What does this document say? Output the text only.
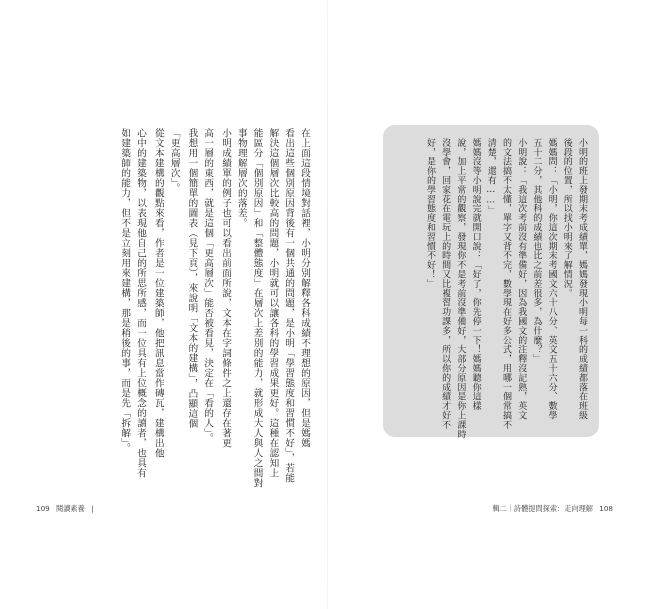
在上面這段情境對話裡，小明分別解釋各科成績不理想的原因，但是媽媽

看出這些個別原因背後有一個共通的問題，是小明「學習態度和習慣不好」，若能

解決這個層次比較高的問題，小明就可以讓各科的學習成果更好。這種在認知上

能區分「個別原因」和「整體態度」在層次上差別的能力，就形成大人與人之間對

事物理解層次的落差。

小明成績單的例子也可以看出前面所說，文本在字詞條件之上還存在著更

高一層的東西，就是這個「更高層次」能否被看見，決定在「看的人」。

我想用一個簡單的圖表（見下頁），來說明「文本的建構」，凸顯這個

「更高層次」。

從文本建構的觀點來看，作者是一位建築師，他把訊息當作磚瓦，建構出他

心中的建築物，以表現他自己的所思所感，而一位具有上位概念的讀者，也具有

如建築師的能力，但不是立刻用來建構，那是稍後的事，而是先「拆解」。	小明的班上發期末考成績單，媽媽發現小明每一科的成績都落在班級

後段的位置，所以找小明來了解情況。

媽媽問：「小明，你這次期末考國文六十八分、英文五十六分、數學

五十二分，其他科的成績也比之前差很多，為什麼？」

小明說：「我這次考前沒有準備好，因為我國文的注釋沒記熟，英文

的文法搞不太懂，單字又背不完，數學現在好多公式，用哪一個常搞不

清楚，還有……」

媽媽沒等小明說完就開口說：「好了，你先停一下！媽媽聽你這樣

說，加上平常的觀察，發現你不是考前沒準備好，大部分原因是你上課時

沒學會，回家花在電玩上的時間又比複習功課多，所以你的成績才好不

好，是你的學習態度和習慣不好！」

109 閱讀素養 |	輯二｜詩體提問探索：走向理解 108
